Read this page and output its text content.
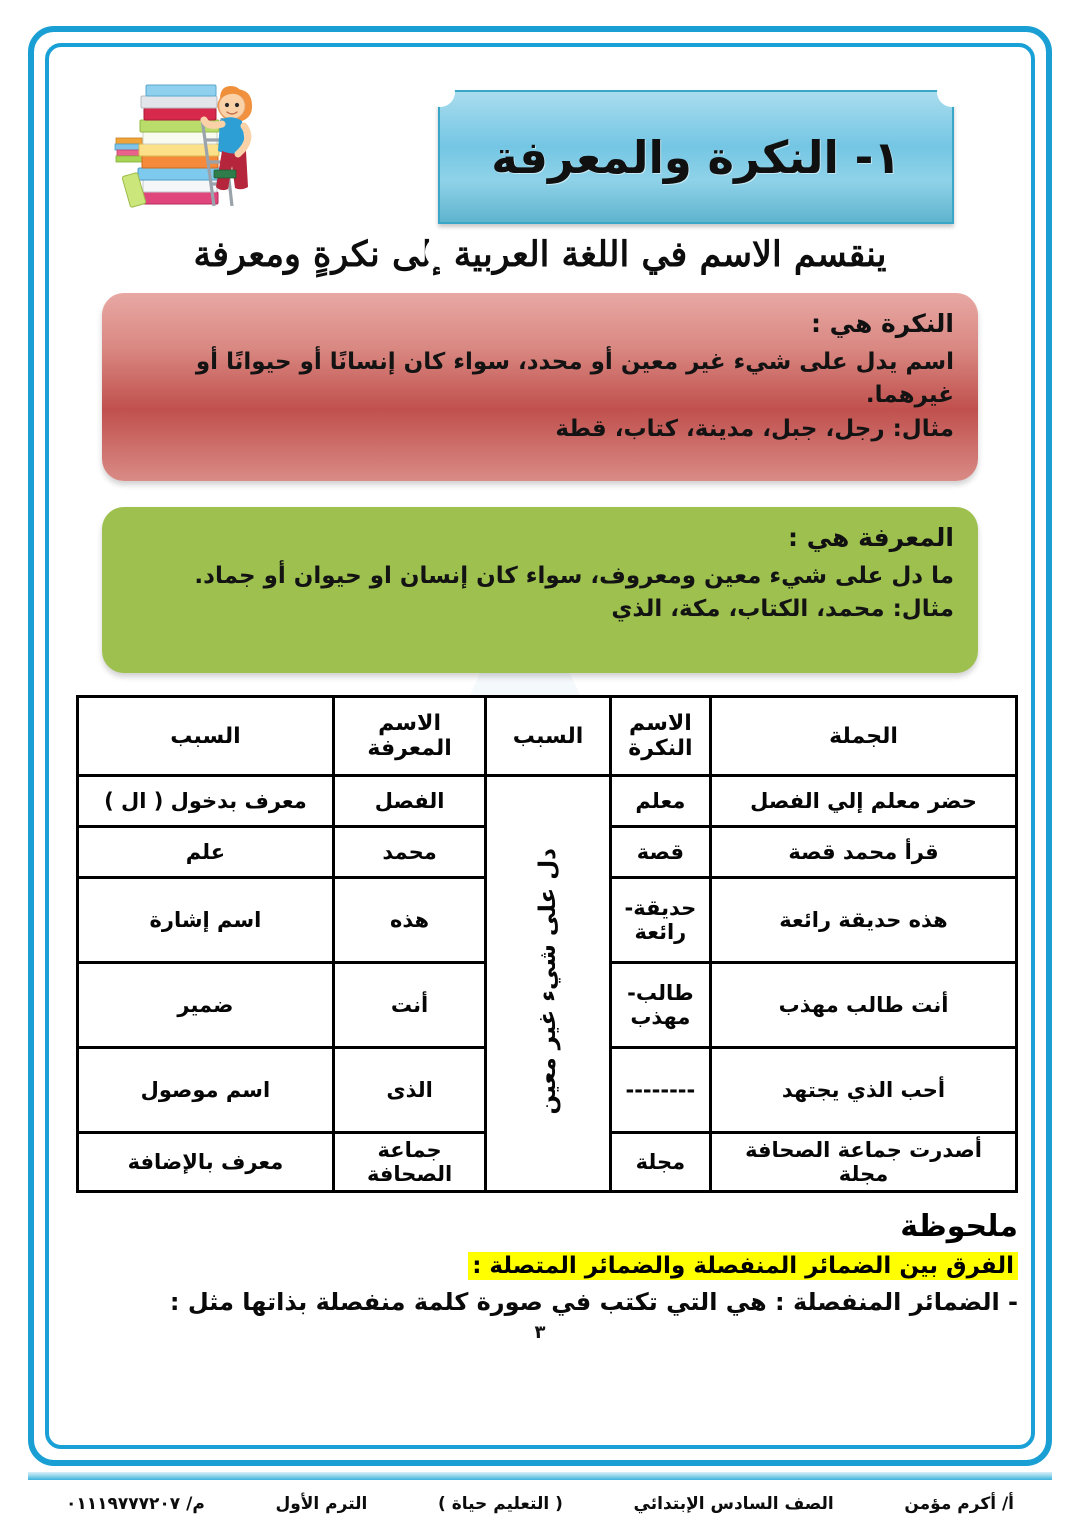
١- النكرة والمعرفة
ينقسم الاسم في اللغة العربية إلى نكرةٍ ومعرفة
النكرة هي :
اسم يدل على شيء غير معين أو محدد، سواء كان إنسانًا أو حيوانًا أو غيرهما.
مثال: رجل، جبل، مدينة، كتاب، قطة
المعرفة هي :
ما دل على شيء معين ومعروف، سواء كان إنسان او حيوان أو جماد.
مثال: محمد، الكتاب، مكة، الذي
الجملة	الاسم النكرة	السبب	الاسم المعرفة	السبب
حضر معلم إلي الفصل	معلم	دل على شيء غير معين	الفصل	معرف بدخول ( ال )
قرأ محمد قصة	قصة		محمد	علم
هذه حديقة رائعة	حديقة- رائعة		هذه	اسم إشارة
أنت طالب مهذب	طالب- مهذب		أنت	ضمير
أحب الذي يجتهد	--------		الذى	اسم موصول
أصدرت جماعة الصحافة مجلة	مجلة		جماعة الصحافة	معرف بالإضافة
ملحوظة
الفرق بين الضمائر المنفصلة والضمائر المتصلة :
- الضمائر المنفصلة : هي التي تكتب في صورة كلمة منفصلة بذاتها مثل :
٣
أ/ أكرم مؤمن
الصف السادس الإبتدائي
( التعليم حياة )
الترم الأول
م/ ٠١١١٩٧٧٧٢٠٧
